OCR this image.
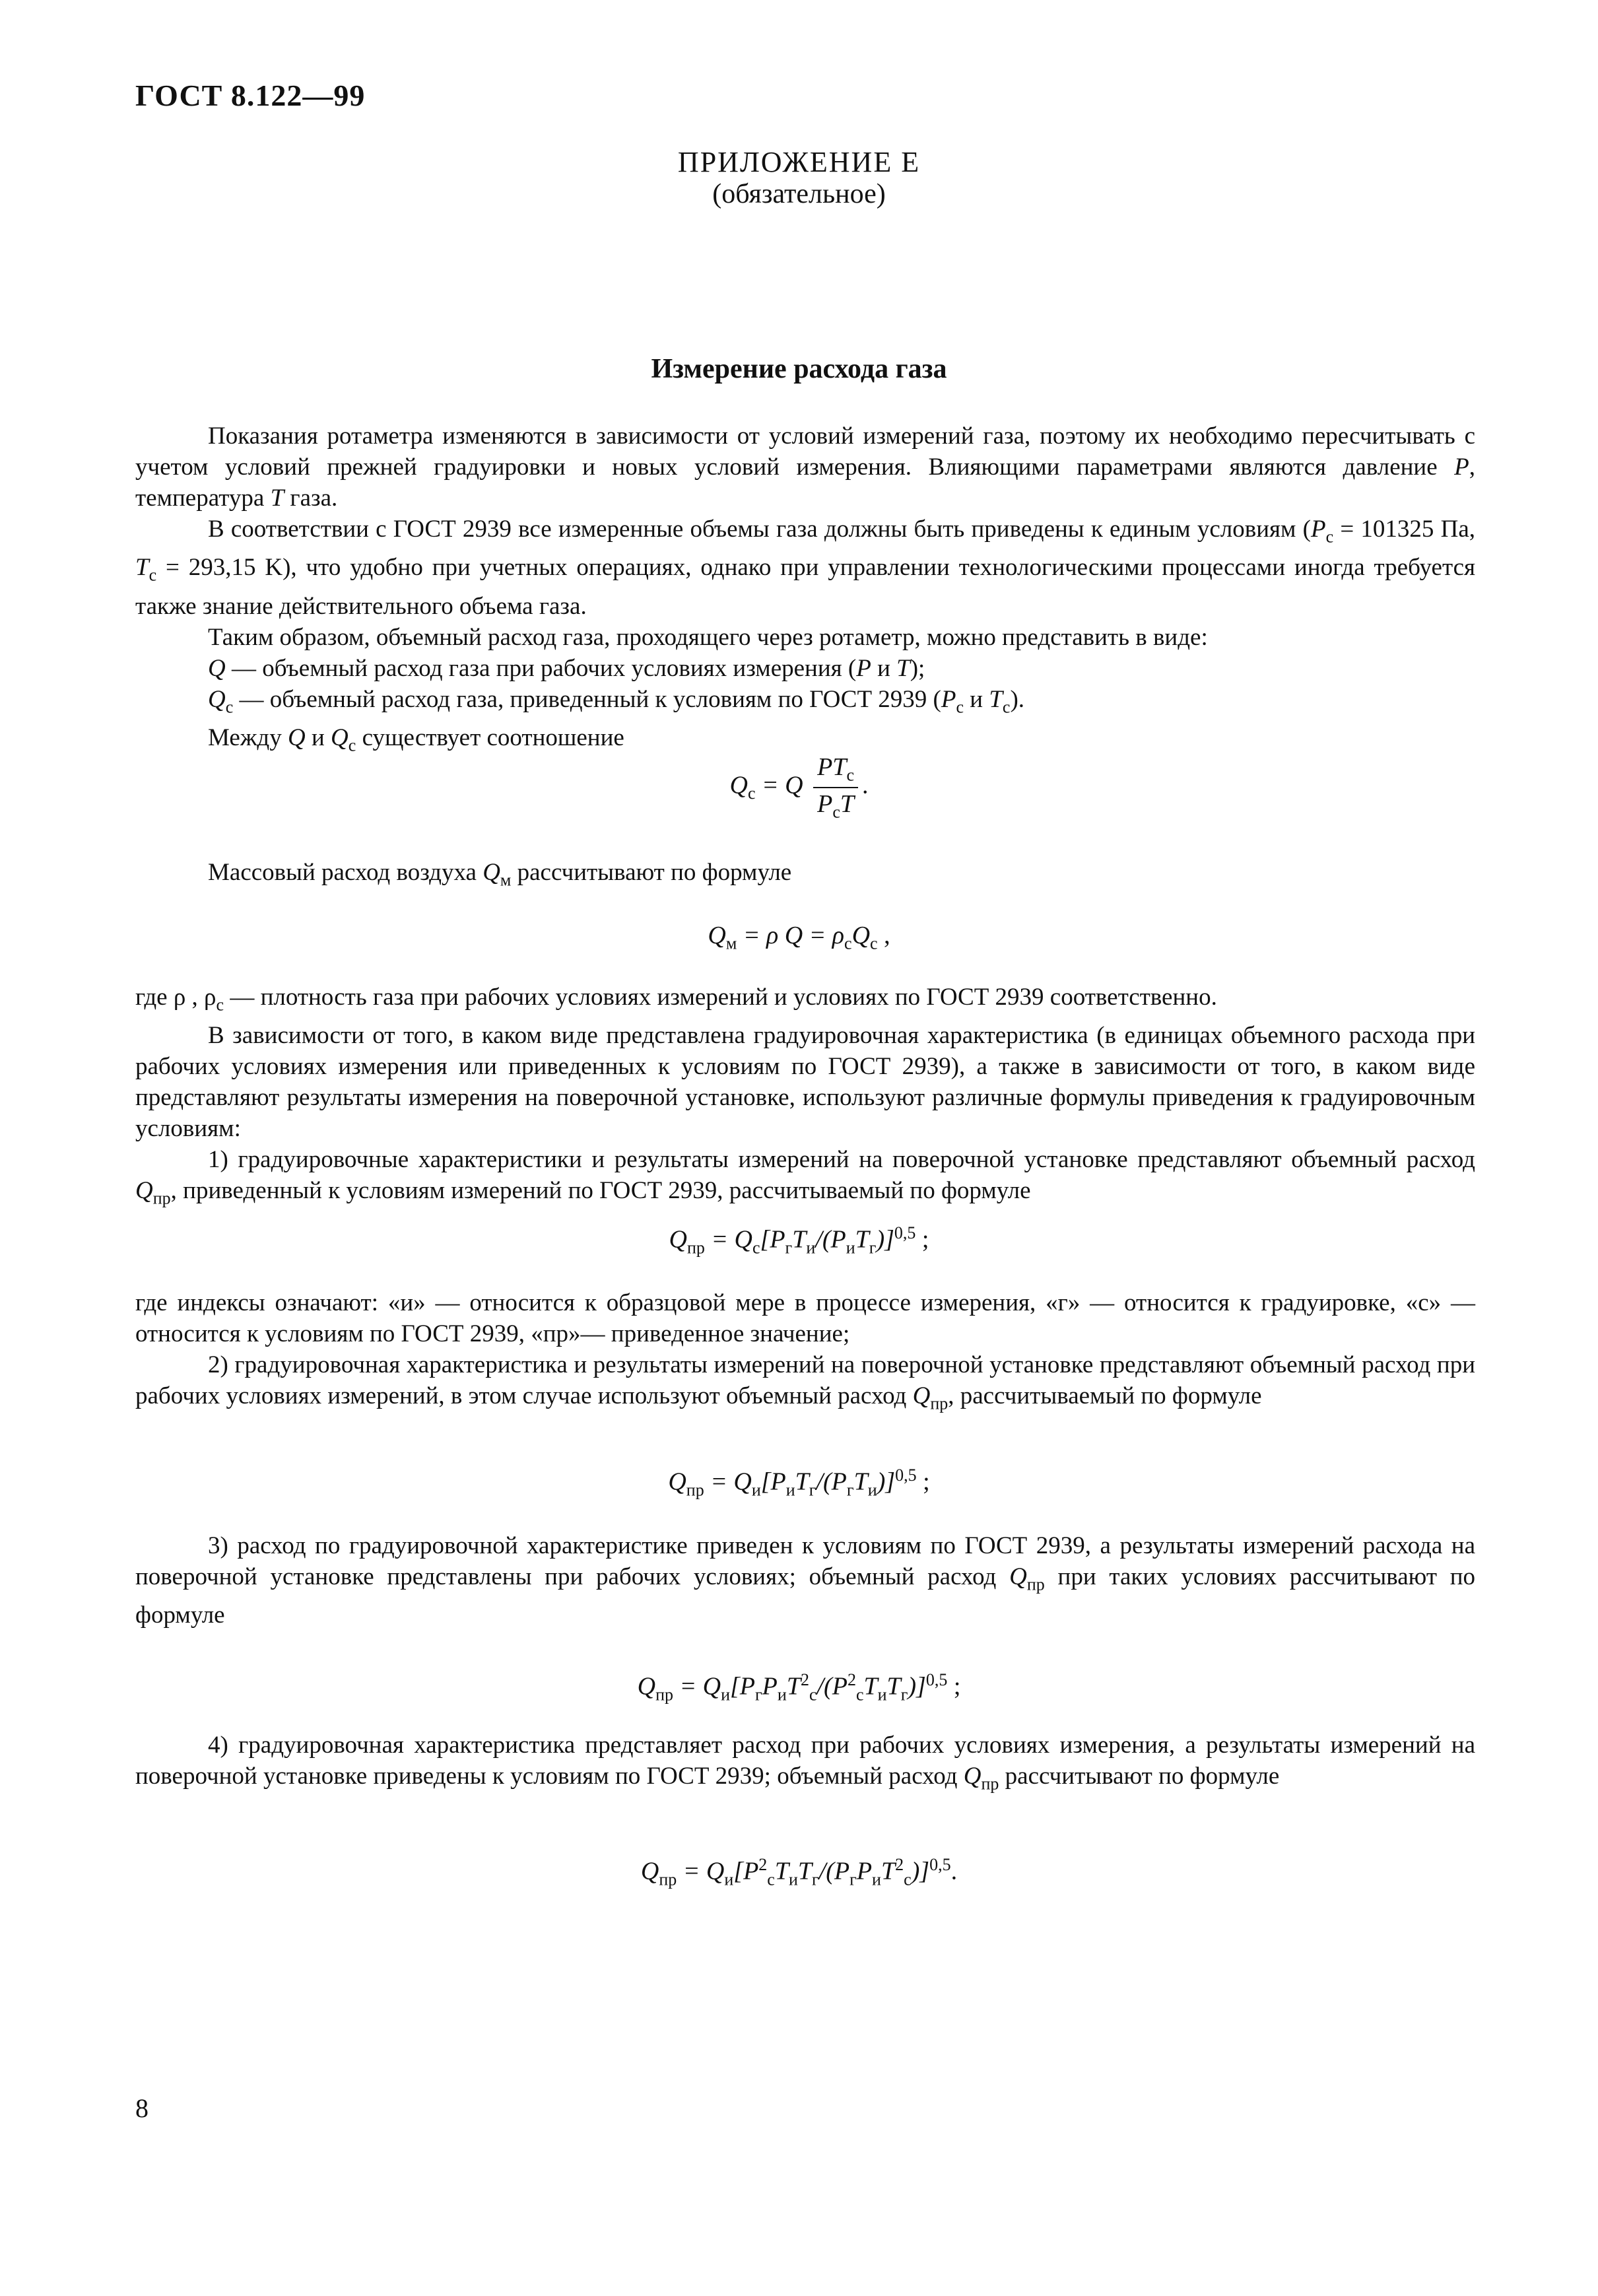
ГОСТ 8.122—99
ПРИЛОЖЕНИЕ Е
(обязательное)
Измерение расхода газа

Показания ротаметра изменяются в зависимости от условий измерений газа, поэтому их необходимо пересчитывать с учетом условий прежней градуировки и новых условий измерения. Влияющими параметрами являются давление P, температура T газа.

В соответствии с ГОСТ 2939 все измеренные объемы газа должны быть приведены к единым условиям ($P_c = 101325$ Па, $T_c = 293,15$ K), что удобно при учетных операциях, однако при управлении технологическими процессами иногда требуется также знание действительного объема газа.

Таким образом, объемный расход газа, проходящего через ротаметр, можно представить в виде:

Q — объемный расход газа при рабочих условиях измерения (P и T);

$Q_c$ — объемный расход газа, приведенный к условиям по ГОСТ 2939 ($P_c$ и $T_c$).

Между Q и $Q_c$ существует соотношение

$Q_c = Q \frac{PT_c}{P_cT}$ .

Массовый расход воздуха $Q_м$ рассчитывают по формуле

$Q_м = \rho$ $Q = \rho_cQ_c$ ,

где ρ , $\rho_c$ — плотность газа при рабочих условиях измерений и условиях по ГОСТ 2939 соответственно.

В зависимости от того, в каком виде представлена градуировочная характеристика (в единицах объемного расхода при рабочих условиях измерения или приведенных к условиям по ГОСТ 2939), а также в зависимости от того, в каком виде представляют результаты измерения на поверочной установке, используют различные формулы приведения к градуировочным условиям:

1) градуировочные характеристики и результаты измерений на поверочной установке представляют объемный расход $Q_{пр}$, приведенный к условиям измерений по ГОСТ 2939, рассчитываемый по формуле

$Q_{пр} = Q_c[P_гT_и/(P_иT_г)]^{0,5}$ ;

где индексы означают: «и» — относится к образцовой мере в процессе измерения, «г» — относится к градуировке, «с» — относится к условиям по ГОСТ 2939, «пр»— приведенное значение;

2) градуировочная характеристика и результаты измерений на поверочной установке представляют объемный расход при рабочих условиях измерений, в этом случае используют объемный расход $Q_{пр}$, рассчитываемый по формуле

$Q_{пр} = Q_и[P_иT_г/(P_гT_и)]^{0,5}$ ;

3) расход по градуировочной характеристике приведен к условиям по ГОСТ 2939, а результаты измерений расхода на поверочной установке представлены при рабочих условиях; объемный расход $Q_{пр}$ при таких условиях рассчитывают по формуле

$Q_{пр} = Q_и[P_гP_иT^2_с/(P^2_сT_иT_г)]^{0,5}$ ;

4) градуировочная характеристика представляет расход при рабочих условиях измерения, а результаты измерений на поверочной установке приведены к условиям по ГОСТ 2939; объемный расход $Q_{пр}$ рассчитывают по формуле

$Q_{пр} = Q_и[P^2_сT_иT_г/(P_гP_иT^2_с)]^{0,5}$.
8
